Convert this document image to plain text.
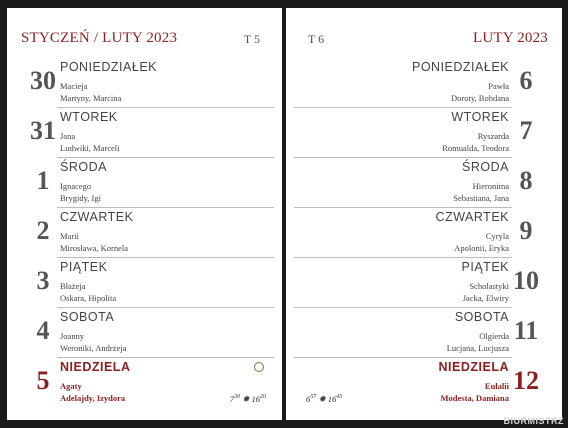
STYCZEŃ / LUTY 2023	T 5
30 PONIEDZIAŁEK
Macieja
Martyny, Marcina
31 WTOREK
Jana
Ludwiki, Marceli
1 ŚRODA
Ignacego
Brygidy, Igi
2 CZWARTEK
Marii
Mirosława, Kornela
3 PIĄTEK
Błażeja
Oskara, Hipolita
4 SOBOTA
Joanny
Weroniki, Andrzeja
5 NIEDZIELA
Agaty
Adelajdy, Izydora	$7^{30}$ ✹ $16^{20}$
T 6	LUTY 2023
6
PONIEDZIAŁEK
Pawła
Doroty, Bohdana
7
WTOREK
Ryszarda
Romualda, Teodora
8
ŚRODA
Hieronima
Sebastiana, Jana
9
CZWARTEK
Cyryla
Apolonii, Eryka
10
PIĄTEK
Scholastyki
Jacka, Elwiry
11
SOBOTA
Olgierda
Lucjana, Lucjusza
12
NIEDZIELA
Eulalii
Modesta, Damiana
$6^{57}$ ✹ $16^{45}$
BIURMISTRZ
